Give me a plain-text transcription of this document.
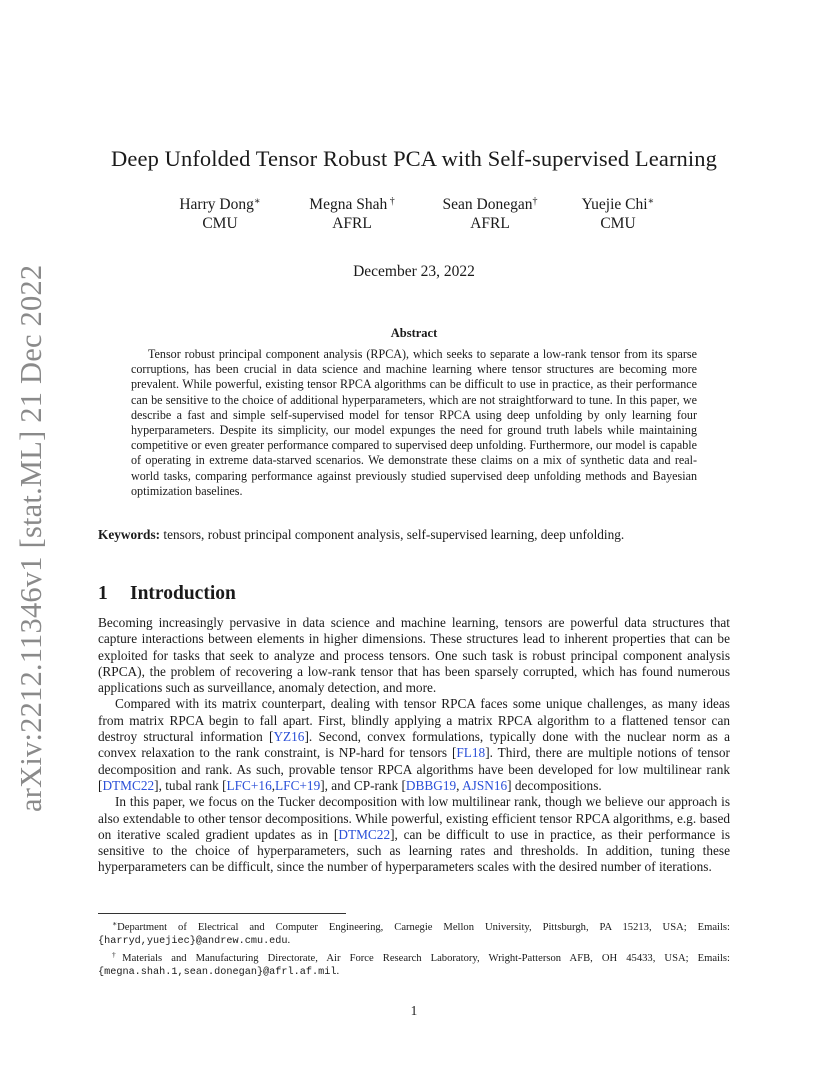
arXiv:2212.11346v1 [stat.ML] 21 Dec 2022
Deep Unfolded Tensor Robust PCA with Self-supervised Learning
Harry Dong∗
CMU
Megna Shah †
AFRL
Sean Donegan†
AFRL
Yuejie Chi∗
CMU
December 23, 2022
Abstract
Tensor robust principal component analysis (RPCA), which seeks to separate a low-rank tensor from its sparse corruptions, has been crucial in data science and machine learning where tensor structures are becoming more prevalent. While powerful, existing tensor RPCA algorithms can be difficult to use in practice, as their performance can be sensitive to the choice of additional hyperparameters, which are not straightforward to tune. In this paper, we describe a fast and simple self-supervised model for tensor RPCA using deep unfolding by only learning four hyperparameters. Despite its simplicity, our model expunges the need for ground truth labels while maintaining competitive or even greater performance compared to supervised deep unfolding. Furthermore, our model is capable of operating in extreme data-starved scenarios. We demonstrate these claims on a mix of synthetic data and real-world tasks, comparing performance against previously studied supervised deep unfolding methods and Bayesian optimization baselines.
Keywords: tensors, robust principal component analysis, self-supervised learning, deep unfolding.
1 Introduction

Becoming increasingly pervasive in data science and machine learning, tensors are powerful data structures that capture interactions between elements in higher dimensions. These structures lead to inherent properties that can be exploited for tasks that seek to analyze and process tensors. One such task is robust principal component analysis (RPCA), the problem of recovering a low-rank tensor that has been sparsely corrupted, which has found numerous applications such as surveillance, anomaly detection, and more.

Compared with its matrix counterpart, dealing with tensor RPCA faces some unique challenges, as many ideas from matrix RPCA begin to fall apart. First, blindly applying a matrix RPCA algorithm to a flattened tensor can destroy structural information [YZ16]. Second, convex formulations, typically done with the nuclear norm as a convex relaxation to the rank constraint, is NP-hard for tensors [FL18]. Third, there are multiple notions of tensor decomposition and rank. As such, provable tensor RPCA algorithms have been developed for low multilinear rank [DTMC22], tubal rank [LFC+16,LFC+19], and CP-rank [DBBG19, AJSN16] decompositions.

In this paper, we focus on the Tucker decomposition with low multilinear rank, though we believe our approach is also extendable to other tensor decompositions. While powerful, existing efficient tensor RPCA algorithms, e.g. based on iterative scaled gradient updates as in [DTMC22], can be difficult to use in practice, as their performance is sensitive to the choice of hyperparameters, such as learning rates and thresholds. In addition, tuning these hyperparameters can be difficult, since the number of hyperparameters scales with the desired number of iterations.

∗Department of Electrical and Computer Engineering, Carnegie Mellon University, Pittsburgh, PA 15213, USA; Emails: {harryd,yuejiec}@andrew.cmu.edu.

†Materials and Manufacturing Directorate, Air Force Research Laboratory, Wright-Patterson AFB, OH 45433, USA; Emails: {megna.shah.1,sean.donegan}@afrl.af.mil.

1
